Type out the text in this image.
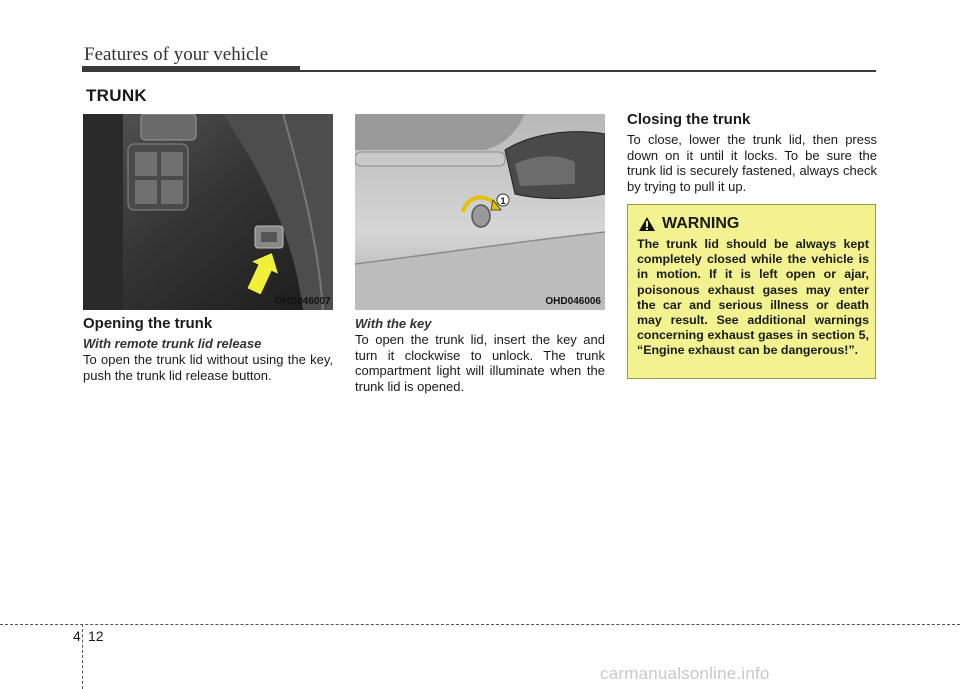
Features of your vehicle
TRUNK
OHD046007
1
OHD046006
Opening the trunk
With remote trunk lid release
To open the trunk lid without using the key, push the trunk lid release button.
With the key
To open the trunk lid, insert the key and turn it clockwise to unlock. The trunk compartment light will illuminate when the trunk lid is opened.
Closing the trunk
To close, lower the trunk lid, then press down on it until it locks. To be sure the trunk lid is securely fastened, always check by trying to pull it up.
WARNING
The trunk lid should be always kept completely closed while the vehicle is in motion. If it is left open or ajar, poisonous exhaust gases may enter the car and serious illness or death may result. See additional warnings concerning exhaust gases in section 5, “Engine exhaust can be dangerous!”.
4 12
carmanualsonline.info
